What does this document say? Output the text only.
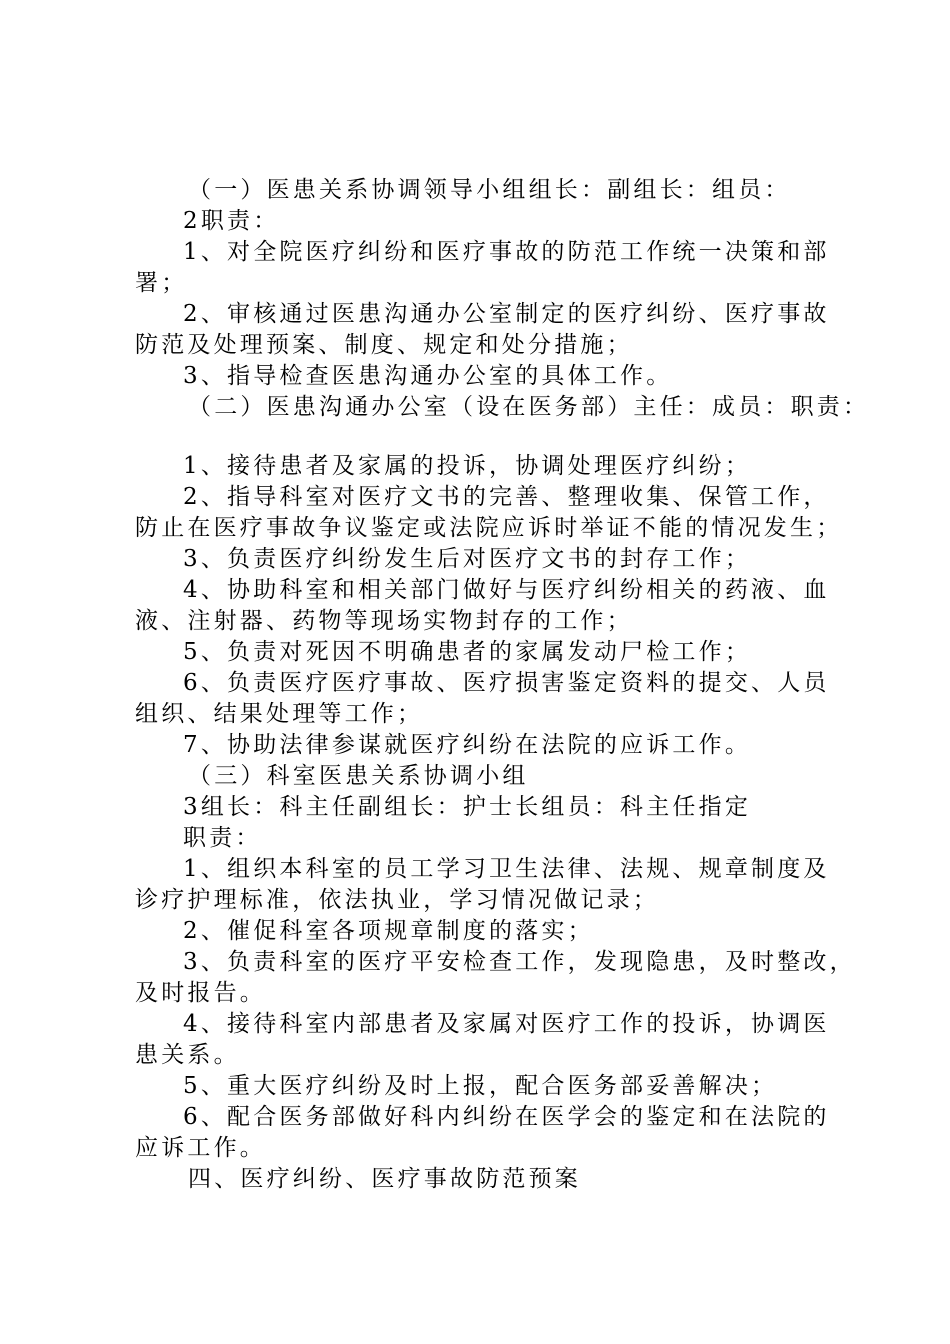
（一）医患关系协调领导小组组长：副组长：组员：
2职责：
1、对全院医疗纠纷和医疗事故的防范工作统一决策和部
署；
2、审核通过医患沟通办公室制定的医疗纠纷、医疗事故
防范及处理预案、制度、规定和处分措施；
3、指导检查医患沟通办公室的具体工作。
（二）医患沟通办公室（设在医务部）主任：成员：职责：
1、接待患者及家属的投诉，协调处理医疗纠纷；
2、指导科室对医疗文书的完善、整理收集、保管工作，
防止在医疗事故争议鉴定或法院应诉时举证不能的情况发生；
3、负责医疗纠纷发生后对医疗文书的封存工作；
4、协助科室和相关部门做好与医疗纠纷相关的药液、血
液、注射器、药物等现场实物封存的工作；
5、负责对死因不明确患者的家属发动尸检工作；
6、负责医疗医疗事故、医疗损害鉴定资料的提交、人员
组织、结果处理等工作；
7、协助法律参谋就医疗纠纷在法院的应诉工作。
（三）科室医患关系协调小组
3组长：科主任副组长：护士长组员：科主任指定
职责：
1、组织本科室的员工学习卫生法律、法规、规章制度及
诊疗护理标准，依法执业，学习情况做记录；
2、催促科室各项规章制度的落实；
3、负责科室的医疗平安检查工作，发现隐患，及时整改，
及时报告。
4、接待科室内部患者及家属对医疗工作的投诉，协调医
患关系。
5、重大医疗纠纷及时上报，配合医务部妥善解决；
6、配合医务部做好科内纠纷在医学会的鉴定和在法院的
应诉工作。
四、医疗纠纷、医疗事故防范预案
